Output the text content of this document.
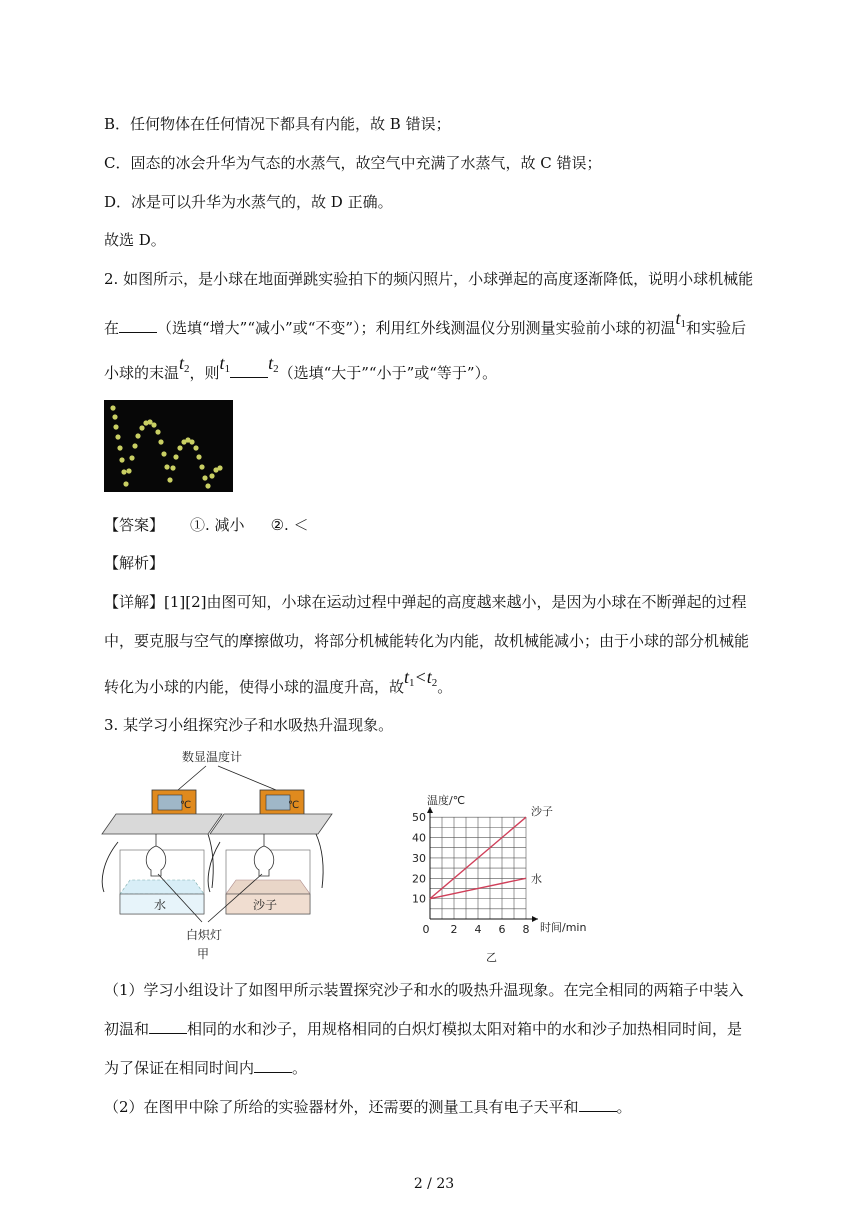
B．任何物体在任何情况下都具有内能，故 B 错误；
C．固态的冰会升华为气态的水蒸气，故空气中充满了水蒸气，故 C 错误；
D．冰是可以升华为水蒸气的，故 D 正确。
故选 D。
2. 如图所示，是小球在地面弹跳实验拍下的频闪照片，小球弹起的高度逐渐降低，说明小球机械能
在	（选填“增大”“减小”或“不变”）；利用红外线测温仪分别测量实验前小球的初温$t_1$和实验后
小球的末温$t_2$，则$t_1$ $t_2$（选填“大于”“小于”或“等于”）。
【答案】 ①. 减小 ②. ＜
【解析】
【详解】[1][2]由图可知，小球在运动过程中弹起的高度越来越小，是因为小球在不断弹起的过程
中，要克服与空气的摩擦做功，将部分机械能转化为内能，故机械能减小；由于小球的部分机械能
转化为小球的内能，使得小球的温度升高，故$t_1<t_2$。
3. 某学习小组探究沙子和水吸热升温现象。
数显温度计
℃	℃
水	沙子
白炽灯
甲
温度/℃
时间/min
乙
10
20
30
40
50
0 2 4 6 8
沙子
水
（1）学习小组设计了如图甲所示装置探究沙子和水的吸热升温现象。在完全相同的两箱子中装入
初温和	相同的水和沙子，用规格相同的白炽灯模拟太阳对箱中的水和沙子加热相同时间，是
为了保证在相同时间内	。
（2）在图甲中除了所给的实验器材外，还需要的测量工具有电子天平和	。
2 / 23
